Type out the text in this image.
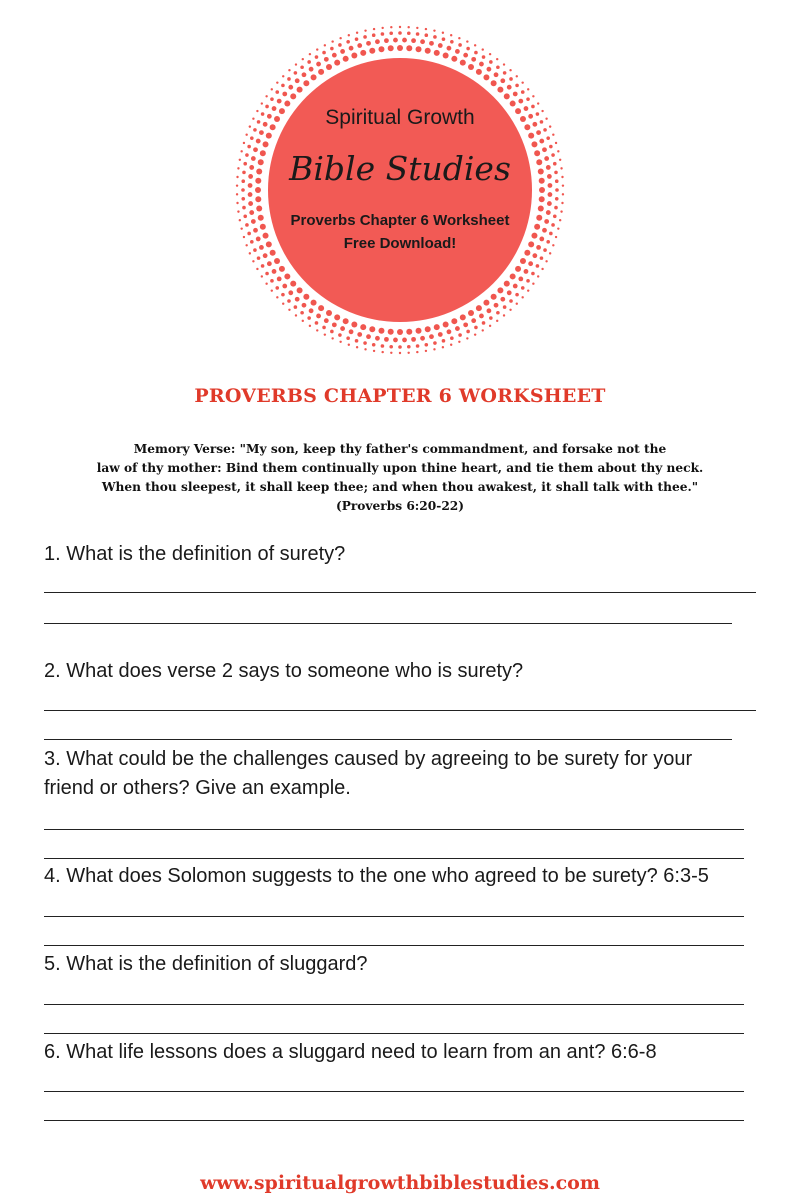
Spiritual Growth
Bible Studies
Proverbs Chapter 6 Worksheet
Free Download!
PROVERBS CHAPTER 6 WORKSHEET
Memory Verse: "My son, keep thy father's commandment, and forsake not the
law of thy mother: Bind them continually upon thine heart, and tie them about thy neck.
When thou sleepest, it shall keep thee; and when thou awakest, it shall talk with thee."
(Proverbs 6:20-22)
1. What is the definition of surety?
2. What does verse 2 says to someone who is surety?
3. What could be the challenges caused by agreeing to be surety for your friend or others? Give an example.
4. What does Solomon suggests to the one who agreed to be surety? 6:3-5
5. What is the definition of sluggard?
6. What life lessons does a sluggard need to learn from an ant? 6:6-8
www.spiritualgrowthbiblestudies.com
